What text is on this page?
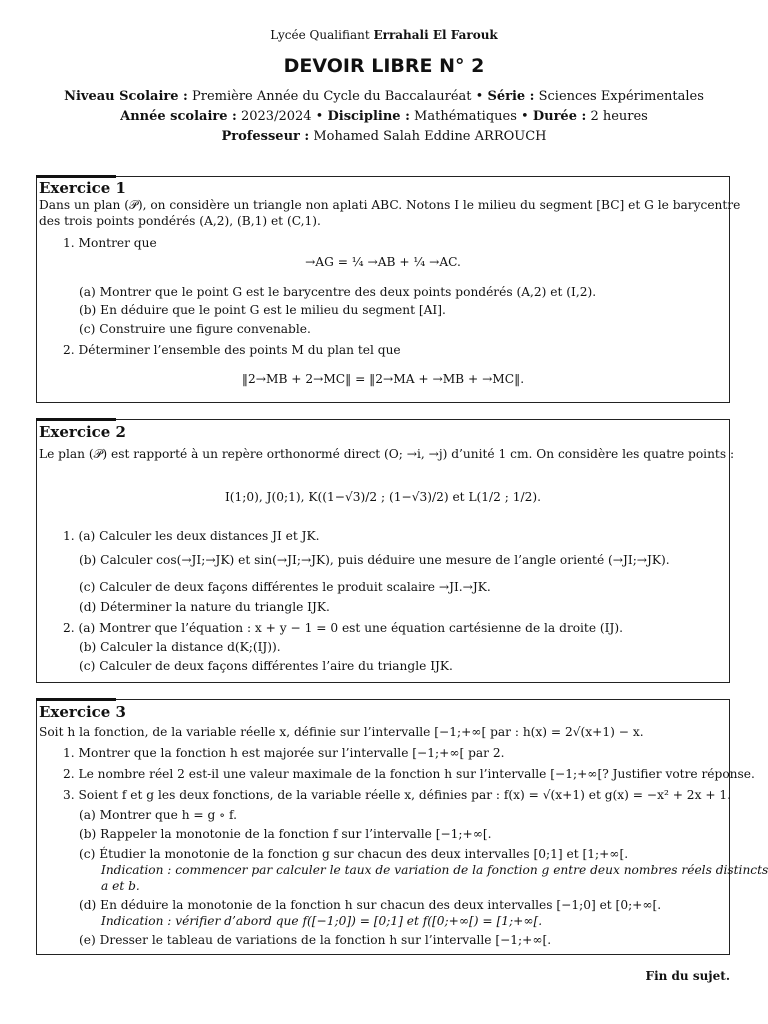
Lycée Qualifiant Errahali El Farouk
DEVOIR LIBRE N° 2
Niveau Scolaire : Première Année du Cycle du Baccalauréat • Série : Sciences Expérimentales
Année scolaire : 2023/2024 • Discipline : Mathématiques • Durée : 2 heures
Professeur : Mohamed Salah Eddine ARROUCH
Exercice 1
Dans un plan (𝒫), on considère un triangle non aplati ABC. Notons I le milieu du segment [BC] et G le barycentre
des trois points pondérés (A,2), (B,1) et (C,1).
1. Montrer que
→AG = ¼ →AB + ¼ →AC.
(a) Montrer que le point G est le barycentre des deux points pondérés (A,2) et (I,2).
(b) En déduire que le point G est le milieu du segment [AI].
(c) Construire une figure convenable.
2. Déterminer l’ensemble des points M du plan tel que
‖2→MB + 2→MC‖ = ‖2→MA + →MB + →MC‖.
Exercice 2
Le plan (𝒫) est rapporté à un repère orthonormé direct (O; →i, →j) d’unité 1 cm. On considère les quatre points :
I(1;0), J(0;1), K((1−√3)/2 ; (1−√3)/2) et L(1/2 ; 1/2).
1. (a) Calculer les deux distances JI et JK.
(b) Calculer cos(→JI;→JK) et sin(→JI;→JK), puis déduire une mesure de l’angle orienté (→JI;→JK).
(c) Calculer de deux façons différentes le produit scalaire →JI.→JK.
(d) Déterminer la nature du triangle IJK.
2. (a) Montrer que l’équation : x + y − 1 = 0 est une équation cartésienne de la droite (IJ).
(b) Calculer la distance d(K;(IJ)).
(c) Calculer de deux façons différentes l’aire du triangle IJK.
Exercice 3
Soit h la fonction, de la variable réelle x, définie sur l’intervalle [−1;+∞[ par : h(x) = 2√(x+1) − x.
1. Montrer que la fonction h est majorée sur l’intervalle [−1;+∞[ par 2.
2. Le nombre réel 2 est-il une valeur maximale de la fonction h sur l’intervalle [−1;+∞[? Justifier votre réponse.
3. Soient f et g les deux fonctions, de la variable réelle x, définies par : f(x) = √(x+1) et g(x) = −x² + 2x + 1.
(a) Montrer que h = g ∘ f.
(b) Rappeler la monotonie de la fonction f sur l’intervalle [−1;+∞[.
(c) Étudier la monotonie de la fonction g sur chacun des deux intervalles [0;1] et [1;+∞[.
Indication : commencer par calculer le taux de variation de la fonction g entre deux nombres réels distincts
a et b.
(d) En déduire la monotonie de la fonction h sur chacun des deux intervalles [−1;0] et [0;+∞[.
Indication : vérifier d’abord que f([−1;0]) = [0;1] et f([0;+∞[) = [1;+∞[.
(e) Dresser le tableau de variations de la fonction h sur l’intervalle [−1;+∞[.
Fin du sujet.
